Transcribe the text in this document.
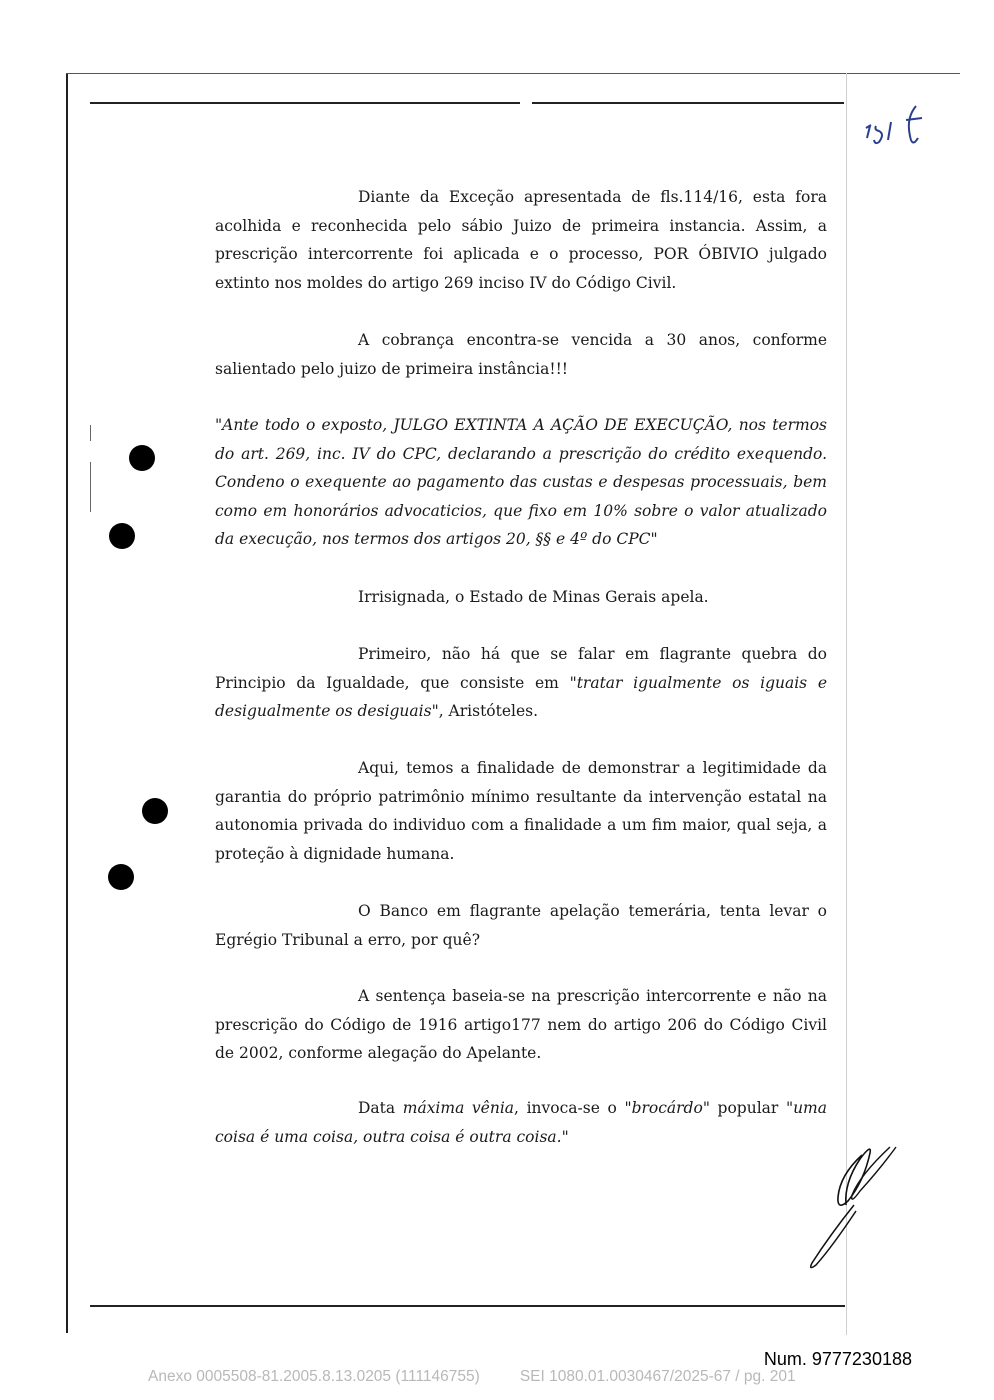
Diante da Exceção apresentada de fls.114/16, esta fora acolhida e reconhecida pelo sábio Juizo de primeira instancia. Assim, a prescrição intercorrente foi aplicada e o processo, POR ÓBIVIO julgado extinto nos moldes do artigo 269 inciso IV do Código Civil.

A cobrança encontra-se vencida a 30 anos, conforme salientado pelo juizo de primeira instância!!!

"Ante todo o exposto, JULGO EXTINTA A AÇÃO DE EXECUÇÃO, nos termos do art. 269, inc. IV do CPC, declarando a prescrição do crédito exequendo. Condeno o exequente ao pagamento das custas e despesas processuais, bem como em honorários advocaticios, que fixo em 10% sobre o valor atualizado da execução, nos termos dos artigos 20, §§ e 4º do CPC"

Irrisignada, o Estado de Minas Gerais apela.

Primeiro, não há que se falar em flagrante quebra do Principio da Igualdade, que consiste em "tratar igualmente os iguais e desigualmente os desiguais", Aristóteles.

Aqui, temos a finalidade de demonstrar a legitimidade da garantia do próprio patrimônio mínimo resultante da intervenção estatal na autonomia privada do individuo com a finalidade a um fim maior, qual seja, a proteção à dignidade humana.

O Banco em flagrante apelação temerária, tenta levar o Egrégio Tribunal a erro, por quê?

A sentença baseia-se na prescrição intercorrente e não na prescrição do Código de 1916 artigo177 nem do artigo 206 do Código Civil de 2002, conforme alegação do Apelante.

Data máxima vênia, invoca-se o "brocárdo" popular "uma coisa é uma coisa, outra coisa é outra coisa."

Num. 9777230188
Anexo 0005508-81.2005.8.13.0205 (111146755)	SEI 1080.01.0030467/2025-67 / pg. 201
